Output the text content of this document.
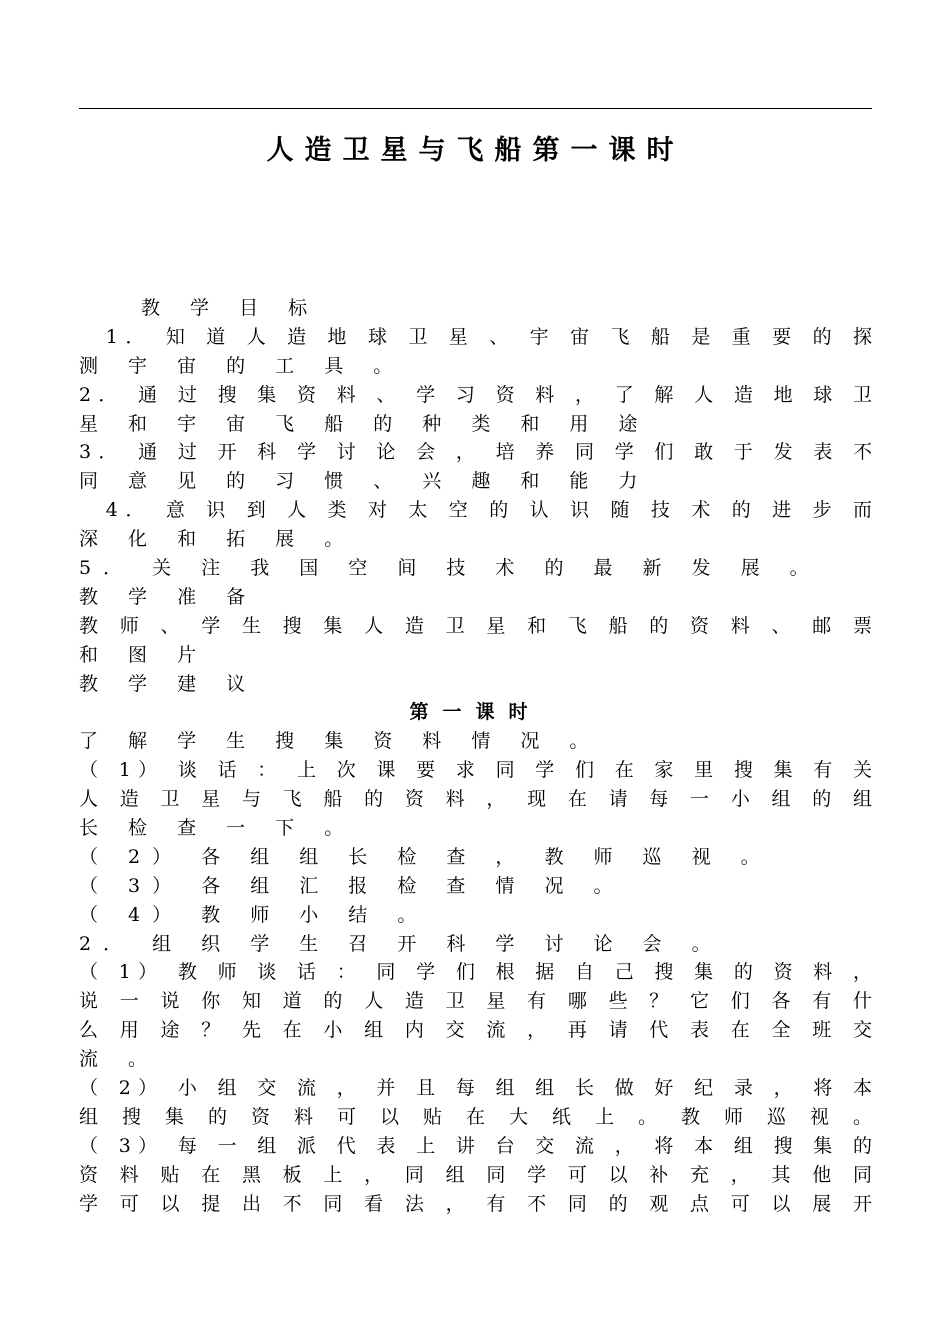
人造卫星与飞船第一课时
　　教 学 目 标
　1． 知 道 人 造 地 球 卫 星 、 宇 宙 飞 船 是 重 要 的 探
测 宇 宙 的 工 具 。
2． 通 过 搜 集 资 料 、 学 习 资 料 ， 了 解 人 造 地 球 卫
星 和 宇 宙 飞 船 的 种 类 和 用 途
3． 通 过 开 科 学 讨 论 会 ， 培 养 同 学 们 敢 于 发 表 不
同 意 见 的 习 惯 、 兴 趣 和 能 力
　4． 意 识 到 人 类 对 太 空 的 认 识 随 技 术 的 进 步 而
深 化 和 拓 展 。
5． 关 注 我 国 空 间 技 术 的 最 新 发 展 。
教 学 准 备
教 师 、 学 生 搜 集 人 造 卫 星 和 飞 船 的 资 料 、 邮 票
和 图 片
教 学 建 议
第一课时
了 解 学 生 搜 集 资 料 情 况 。
（ 1） 谈 话 ： 上 次 课 要 求 同 学 们 在 家 里 搜 集 有 关
人 造 卫 星 与 飞 船 的 资 料 ， 现 在 请 每 一 小 组 的 组
长 检 查 一 下 。
（ 2） 各 组 组 长 检 查 ， 教 师 巡 视 。
（ 3） 各 组 汇 报 检 查 情 况 。
（ 4） 教 师 小 结 。
2． 组 织 学 生 召 开 科 学 讨 论 会 。
（ 1） 教 师 谈 话 ： 同 学 们 根 据 自 己 搜 集 的 资 料 ，
说 一 说 你 知 道 的 人 造 卫 星 有 哪 些 ？ 它 们 各 有 什
么 用 途 ？ 先 在 小 组 内 交 流 ， 再 请 代 表 在 全 班 交
流 。
（ 2） 小 组 交 流 ， 并 且 每 组 组 长 做 好 纪 录 ， 将 本
组 搜 集 的 资 料 可 以 贴 在 大 纸 上 。 教 师 巡 视 。
（ 3） 每 一 组 派 代 表 上 讲 台 交 流 ， 将 本 组 搜 集 的
资 料 贴 在 黑 板 上 ， 同 组 同 学 可 以 补 充 ， 其 他 同
学 可 以 提 出 不 同 看 法 ， 有 不 同 的 观 点 可 以 展 开
